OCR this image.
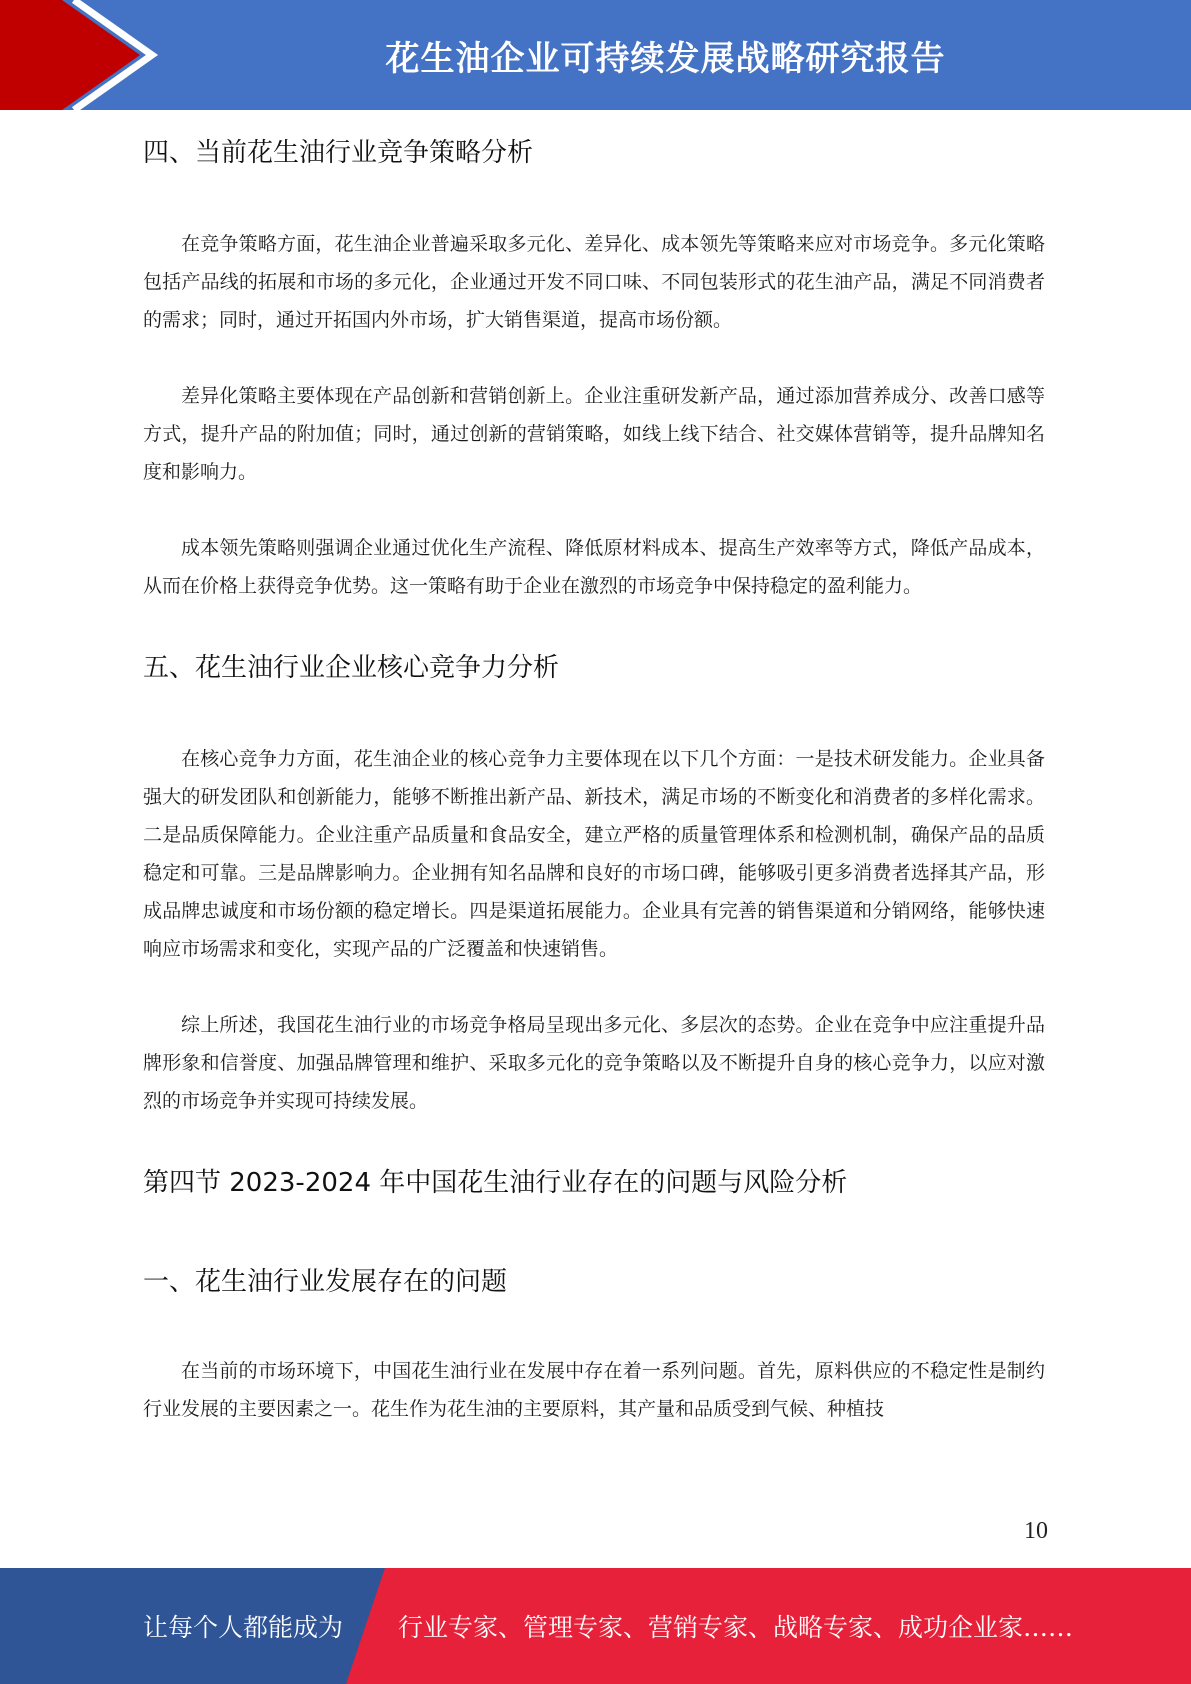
花生油企业可持续发展战略研究报告
四、当前花生油行业竞争策略分析

在竞争策略方面，花生油企业普遍采取多元化、差异化、成本领先等策略来应对市场竞争。多元化策略包括产品线的拓展和市场的多元化，企业通过开发不同口味、不同包装形式的花生油产品，满足不同消费者的需求；同时，通过开拓国内外市场，扩大销售渠道，提高市场份额。

差异化策略主要体现在产品创新和营销创新上。企业注重研发新产品，通过添加营养成分、改善口感等方式，提升产品的附加值；同时，通过创新的营销策略，如线上线下结合、社交媒体营销等，提升品牌知名度和影响力。

成本领先策略则强调企业通过优化生产流程、降低原材料成本、提高生产效率等方式，降低产品成本，从而在价格上获得竞争优势。这一策略有助于企业在激烈的市场竞争中保持稳定的盈利能力。

五、花生油行业企业核心竞争力分析

在核心竞争力方面，花生油企业的核心竞争力主要体现在以下几个方面：一是技术研发能力。企业具备强大的研发团队和创新能力，能够不断推出新产品、新技术，满足市场的不断变化和消费者的多样化需求。二是品质保障能力。企业注重产品质量和食品安全，建立严格的质量管理体系和检测机制，确保产品的品质稳定和可靠。三是品牌影响力。企业拥有知名品牌和良好的市场口碑，能够吸引更多消费者选择其产品，形成品牌忠诚度和市场份额的稳定增长。四是渠道拓展能力。企业具有完善的销售渠道和分销网络，能够快速响应市场需求和变化，实现产品的广泛覆盖和快速销售。

综上所述，我国花生油行业的市场竞争格局呈现出多元化、多层次的态势。企业在竞争中应注重提升品牌形象和信誉度、加强品牌管理和维护、采取多元化的竞争策略以及不断提升自身的核心竞争力，以应对激烈的市场竞争并实现可持续发展。

第四节 2023-2024 年中国花生油行业存在的问题与风险分析
一、花生油行业发展存在的问题

在当前的市场环境下，中国花生油行业在发展中存在着一系列问题。首先，原料供应的不稳定性是制约行业发展的主要因素之一。花生作为花生油的主要原料，其产量和品质受到气候、种植技

10
让每个人都能成为 行业专家、管理专家、营销专家、战略专家、成功企业家……
